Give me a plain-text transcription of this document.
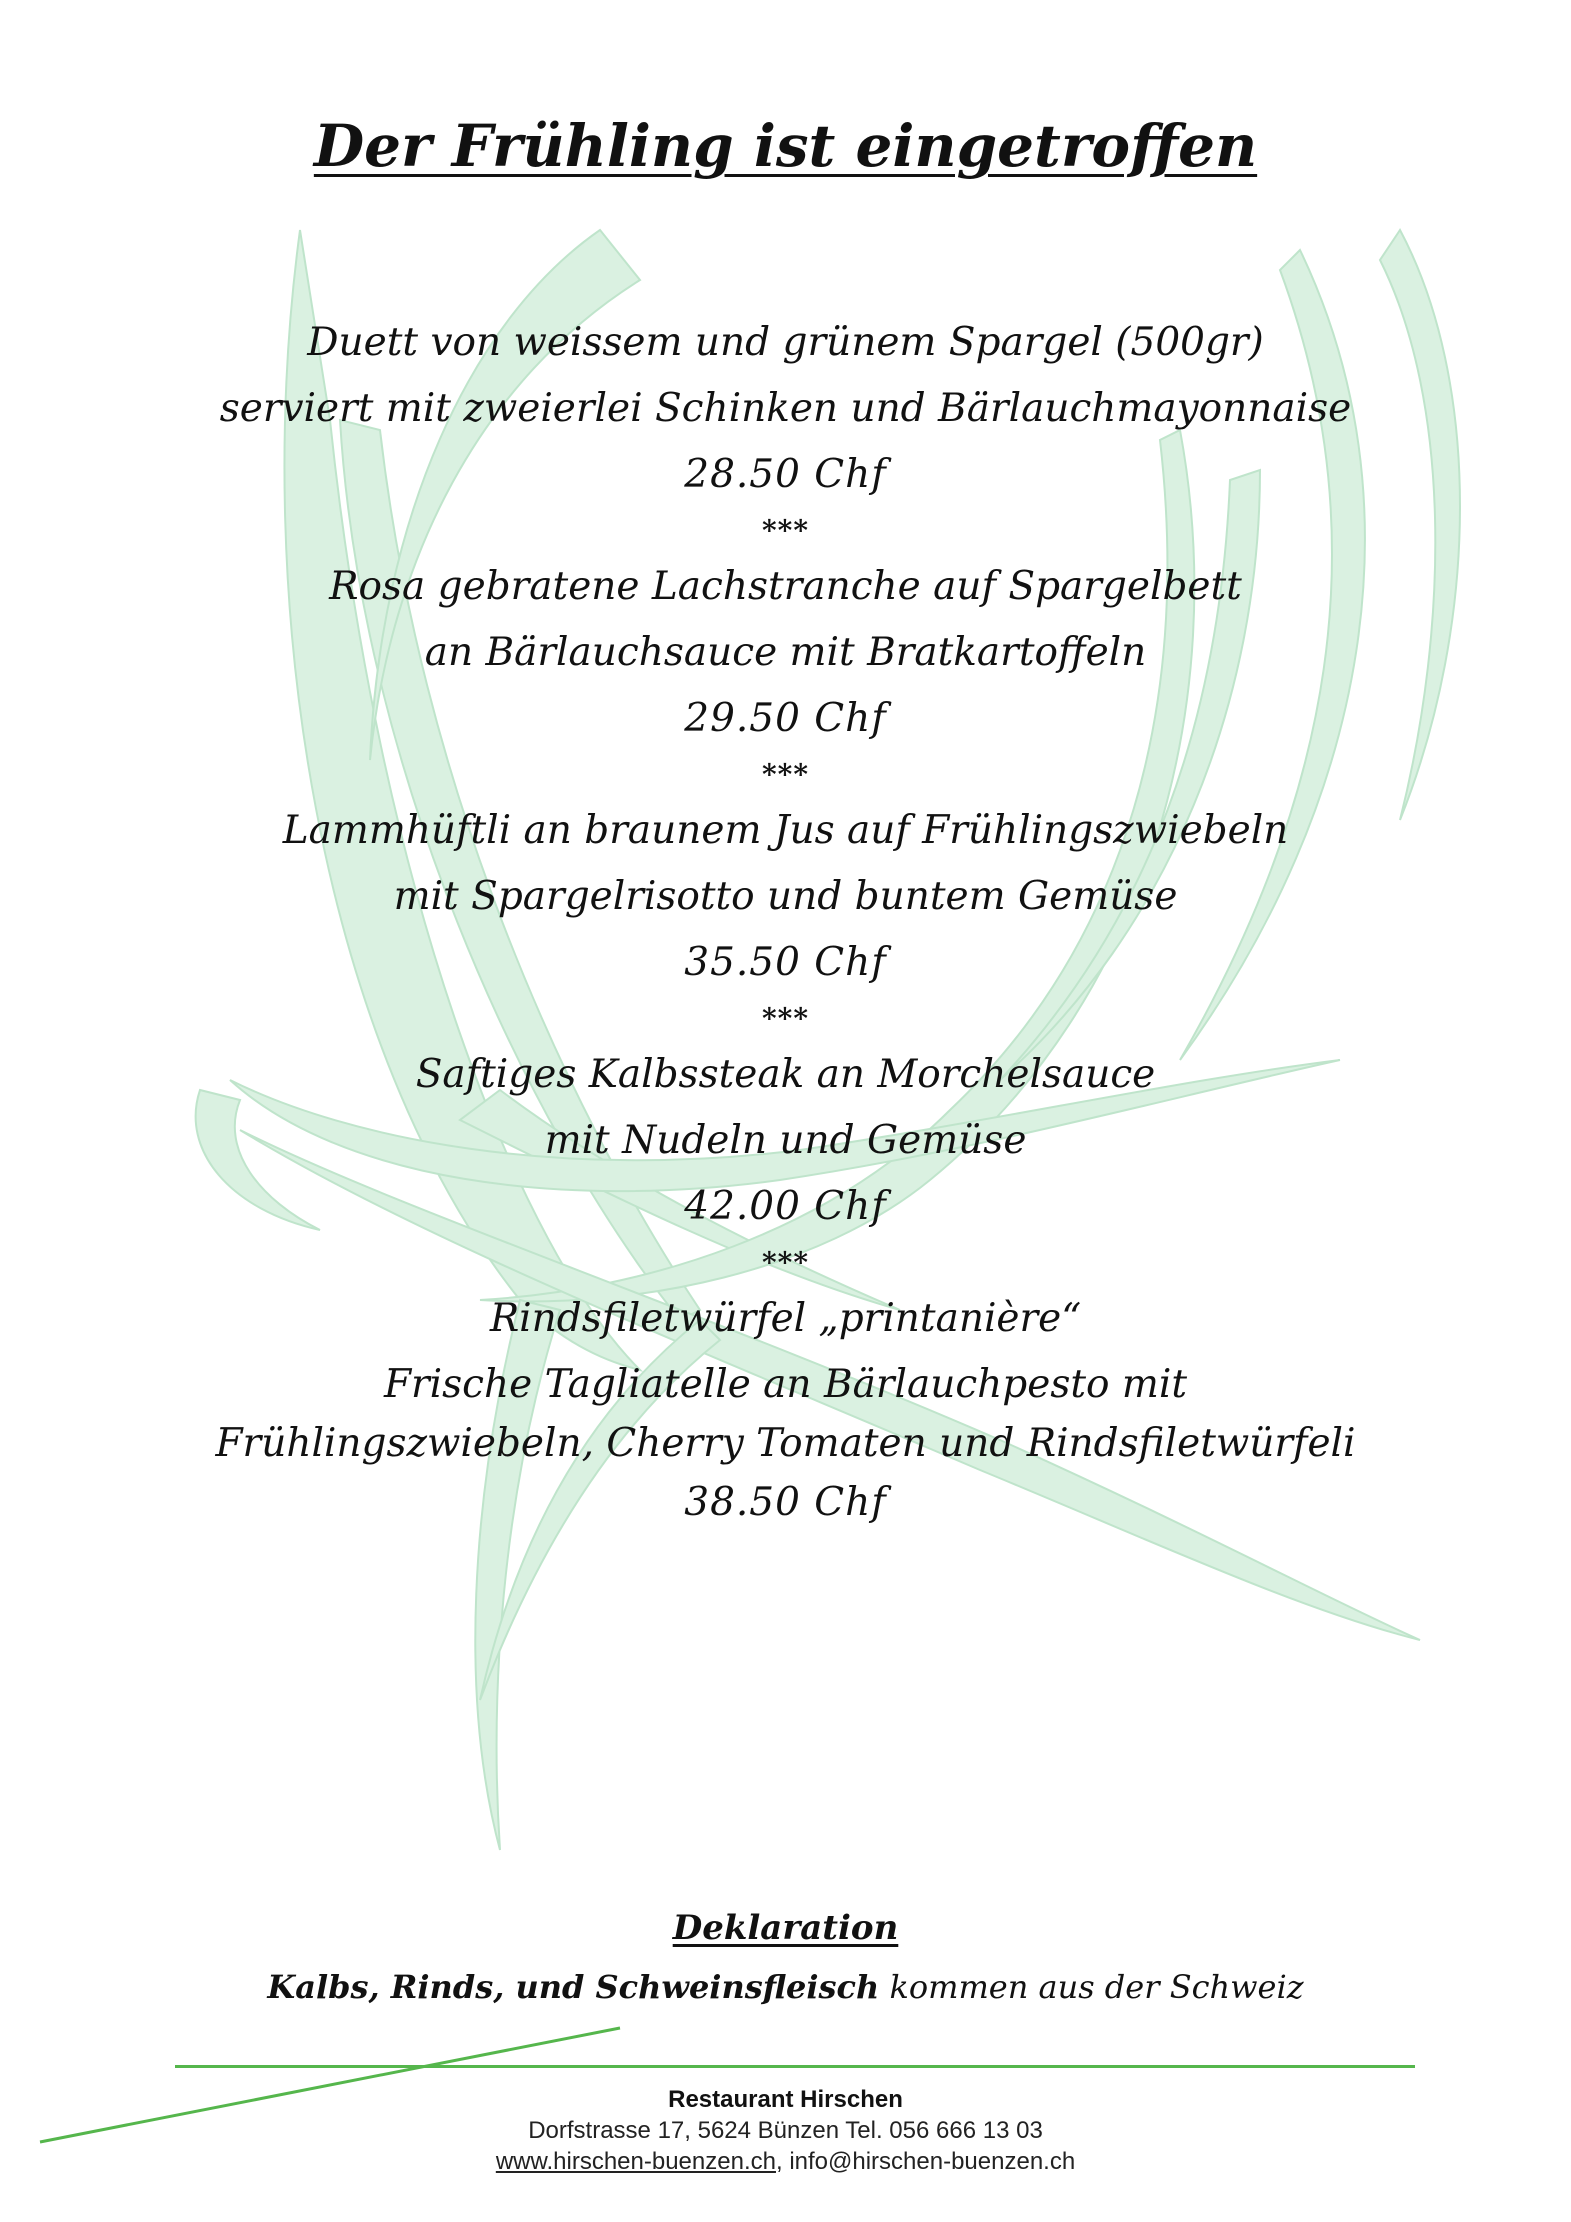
Der Frühling ist eingetroffen
Duett von weissem und grünem Spargel (500gr)
serviert mit zweierlei Schinken und Bärlauchmayonnaise
28.50 Chf
***
Rosa gebratene Lachstranche auf Spargelbett
an Bärlauchsauce mit Bratkartoffeln
29.50 Chf
***
Lammhüftli an braunem Jus auf Frühlingszwiebeln
mit Spargelrisotto und buntem Gemüse
35.50 Chf
***
Saftiges Kalbssteak an Morchelsauce
mit Nudeln und Gemüse
42.00 Chf
***
Rindsfiletwürfel „printanière“
Frische Tagliatelle an Bärlauchpesto mit
Frühlingszwiebeln, Cherry Tomaten und Rindsfiletwürfeli
38.50 Chf
Deklaration
Kalbs, Rinds, und Schweinsfleisch kommen aus der Schweiz
Restaurant Hirschen
Dorfstrasse 17, 5624 Bünzen Tel. 056 666 13 03
www.hirschen-buenzen.ch, info@hirschen-buenzen.ch
